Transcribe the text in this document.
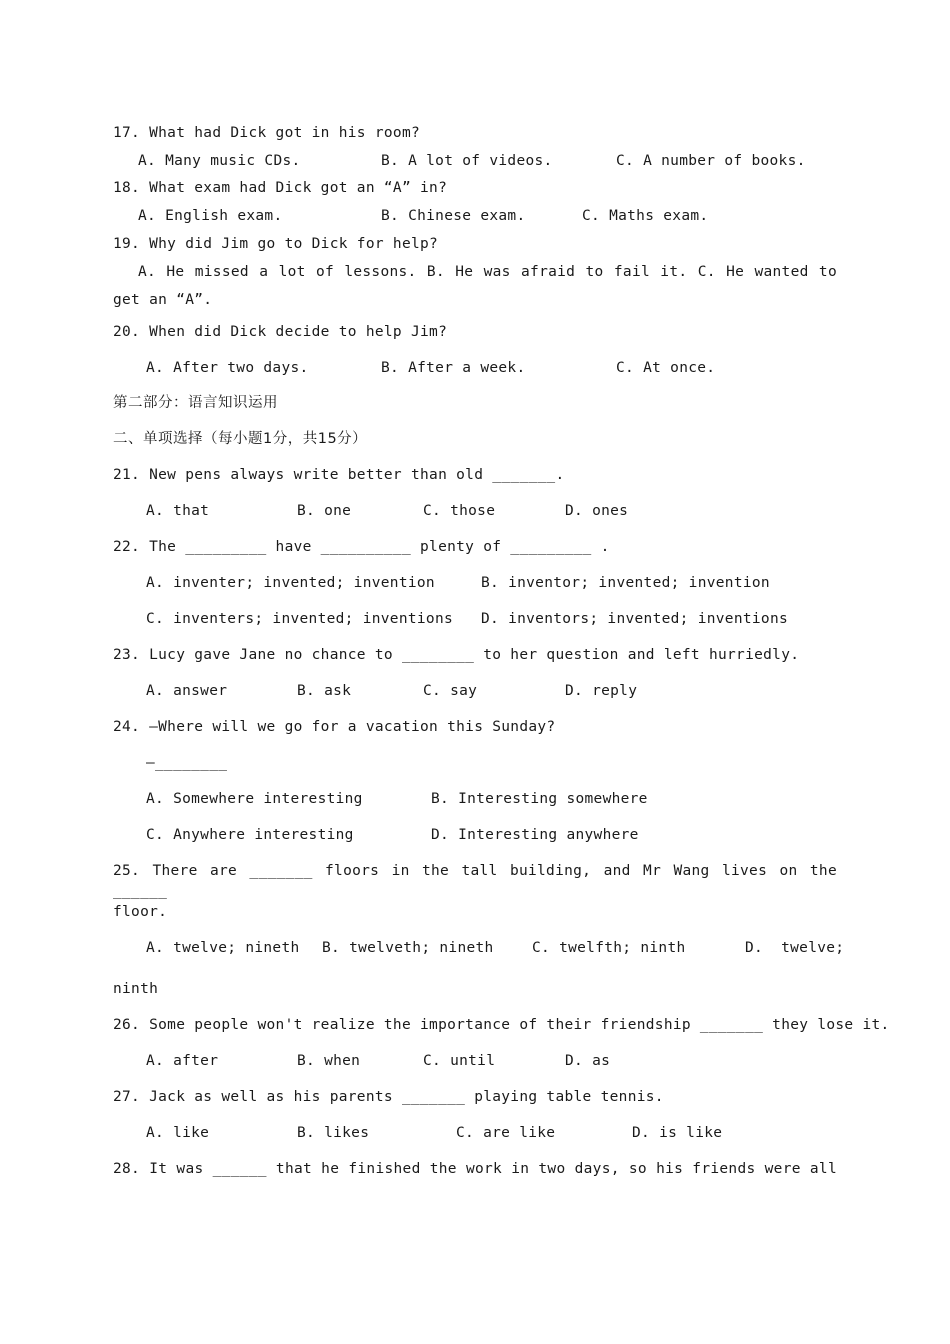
17. What had Dick got in his room?
A. Many music CDs.	B. A lot of videos.	C. A number of books.
18. What exam had Dick got an “A” in?
A. English exam.	B. Chinese exam.	C. Maths exam.
19. Why did Jim go to Dick for help?
A. He missed a lot of lessons. B. He was afraid to fail it. C. He wanted to
get an “A”.
20. When did Dick decide to help Jim?
A. After two days.	B. After a week.	C. At once.
第二部分：语言知识运用
二、单项选择（每小题1分，共15分）
21. New pens always write better than old _______.
A. that	B. one	C. those	D. ones
22. The _________ have __________ plenty of _________ .
A. inventer; invented; invention	B. inventor; invented; invention
C. inventers; invented; inventions D. inventors; invented; inventions
23. Lucy gave Jane no chance to ________ to her question and left hurriedly.
A. answer	B. ask	C. say	D. reply
24. —Where will we go for a vacation this Sunday?
—________
A. Somewhere interesting	B. Interesting somewhere
C. Anywhere interesting	D. Interesting anywhere
25. There are _______ floors in the tall building, and Mr Wang lives on the ______
floor.
A. twelve; nineth B. twelveth; nineth	C. twelfth; ninth	D.  twelve;
ninth
26. Some people won't realize the importance of their friendship _______ they lose it.
A. after	B. when	C. until	D. as
27. Jack as well as his parents _______ playing table tennis.
A. like	B. likes	C. are like	D. is like
28. It was ______ that he finished the work in two days, so his friends were all
